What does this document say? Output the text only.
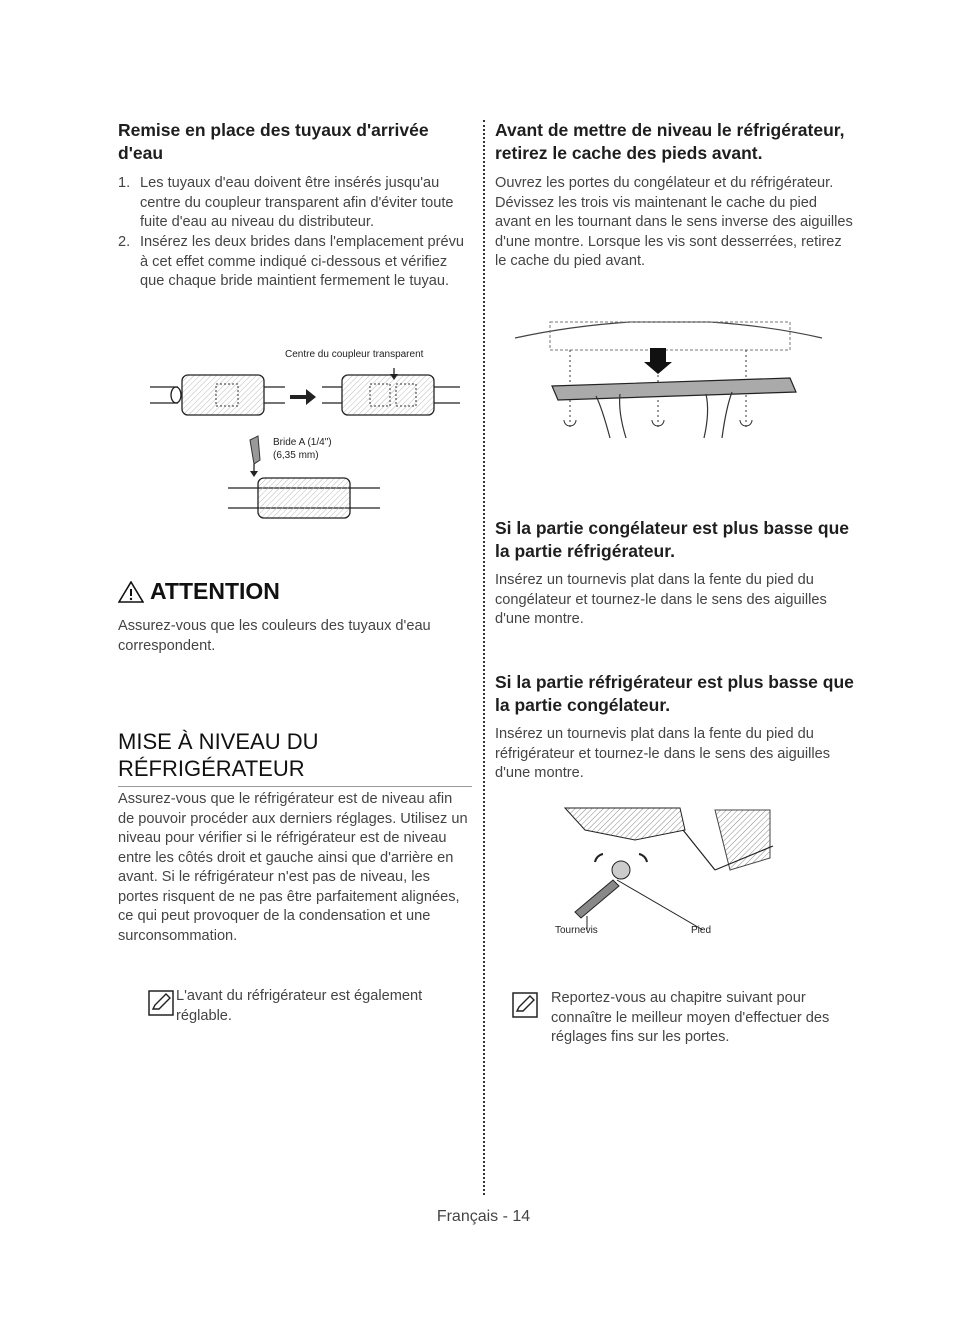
Remise en place des tuyaux d'arrivée d'eau
1. Les tuyaux d'eau doivent être insérés jusqu'au centre du coupleur transparent afin d'éviter toute fuite d'eau au niveau du distributeur.
2. Insérez les deux brides dans l'emplacement prévu à cet effet comme indiqué ci-dessous et vérifiez que chaque bride maintient fermement le tuyau.
Centre du coupleur transparent
Bride A (1/4")
(6,35 mm)
ATTENTION
Assurez-vous que les couleurs des tuyaux d'eau correspondent.
MISE À NIVEAU DU
RÉFRIGÉRATEUR
Assurez-vous que le réfrigérateur est de niveau afin de pouvoir procéder aux derniers réglages. Utilisez un niveau pour vérifier si le réfrigérateur est de niveau entre les côtés droit et gauche ainsi que d'arrière en avant. Si le réfrigérateur n'est pas de niveau, les portes risquent de ne pas être parfaitement alignées, ce qui peut provoquer de la condensation et une surconsommation.
L'avant du réfrigérateur est également réglable.
Avant de mettre de niveau le réfrigérateur, retirez le cache des pieds avant.
Ouvrez les portes du congélateur et du réfrigérateur. Dévissez les trois vis maintenant le cache du pied avant en les tournant dans le sens inverse des aiguilles d'une montre. Lorsque les vis sont desserrées, retirez le cache du pied avant.
Si la partie congélateur est plus basse que la partie réfrigérateur.
Insérez un tournevis plat dans la fente du pied du congélateur et tournez-le dans le sens des aiguilles d'une montre.
Si la partie réfrigérateur est plus basse que la partie congélateur.
Insérez un tournevis plat dans la fente du pied du réfrigérateur et tournez-le dans le sens des aiguilles d'une montre.
Tournevis	Pied
Reportez-vous au chapitre suivant pour connaître le meilleur moyen d'effectuer des réglages fins sur les portes.
Français - 14
